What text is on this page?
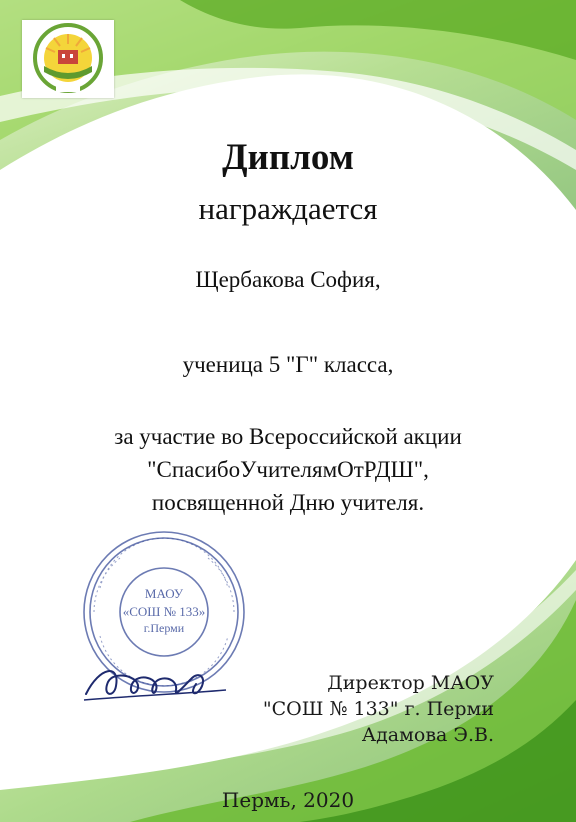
Диплом
награждается
Щербакова София,
ученица 5 "Г" класса,
за участие во Всероссийской акции
"СпасибоУчителямОтРДШ",
посвященной Дню учителя.
МАОУ
«СОШ № 133»
г.Перми
Директор МАОУ
"СОШ № 133" г. Перми
Адамова Э.В.
Пермь, 2020
